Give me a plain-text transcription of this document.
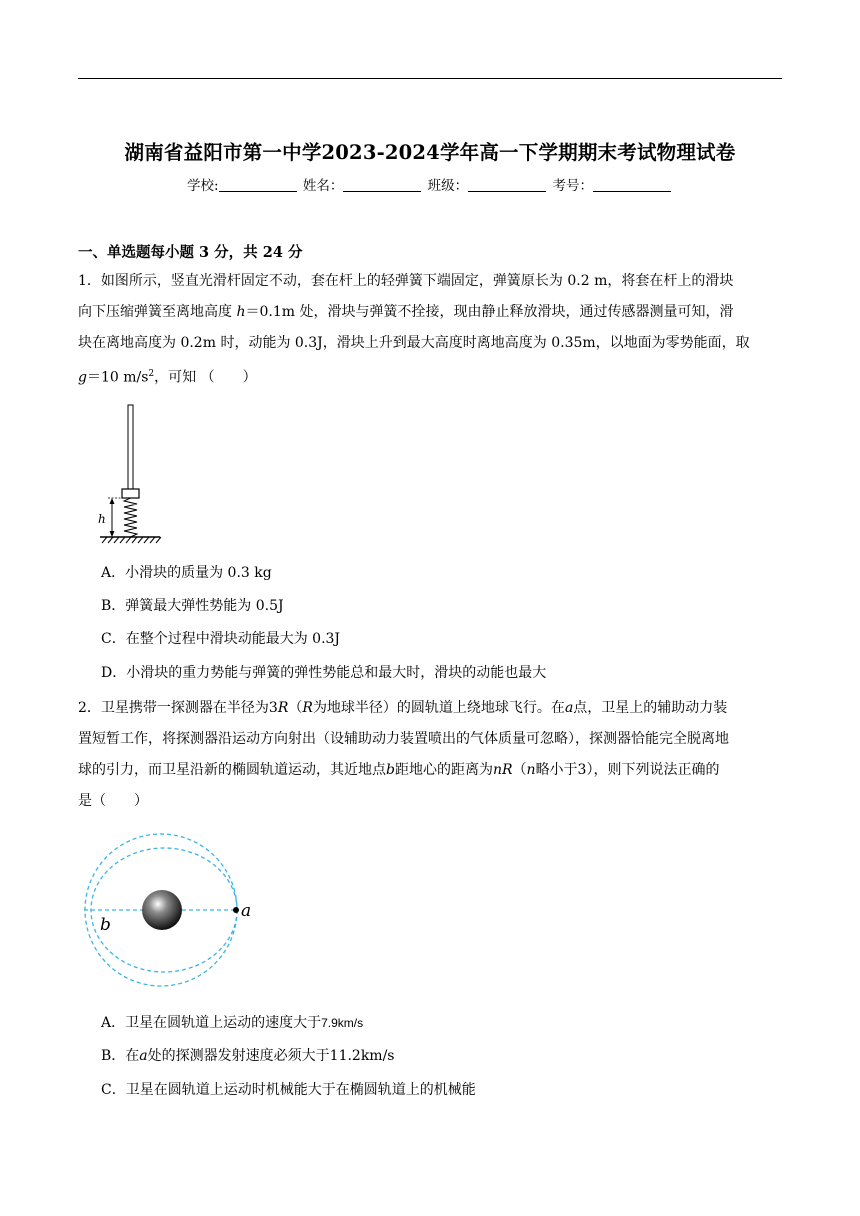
湖南省益阳市第一中学2023-2024学年高一下学期期末考试物理试卷
学校:	姓名：	班级：	考号：
一、单选题每小题 3 分，共 24 分
1．如图所示，竖直光滑杆固定不动，套在杆上的轻弹簧下端固定，弹簧原长为 0.2 m，将套在杆上的滑块
向下压缩弹簧至离地高度 h＝0.1m 处，滑块与弹簧不拴接，现由静止释放滑块，通过传感器测量可知，滑
块在离地高度为 0.2m 时，动能为 0.3J，滑块上升到最大高度时离地高度为 0.35m，以地面为零势能面，取
g＝10 $m/s^2$，可知 （　　）
h
A．小滑块的质量为 0.3 kg
B．弹簧最大弹性势能为 0.5J
C．在整个过程中滑块动能最大为 0.3J
D．小滑块的重力势能与弹簧的弹性势能总和最大时，滑块的动能也最大
2．卫星携带一探测器在半径为3R（R为地球半径）的圆轨道上绕地球飞行。在a点，卫星上的辅助动力装
置短暂工作，将探测器沿运动方向射出（设辅助动力装置喷出的气体质量可忽略），探测器恰能完全脱离地
球的引力，而卫星沿新的椭圆轨道运动，其近地点b距地心的距离为nR（n略小于3），则下列说法正确的
是（　　）
a
b
A．卫星在圆轨道上运动的速度大于7.9km/s
B．在a处的探测器发射速度必须大于11.2km/s
C．卫星在圆轨道上运动时机械能大于在椭圆轨道上的机械能
